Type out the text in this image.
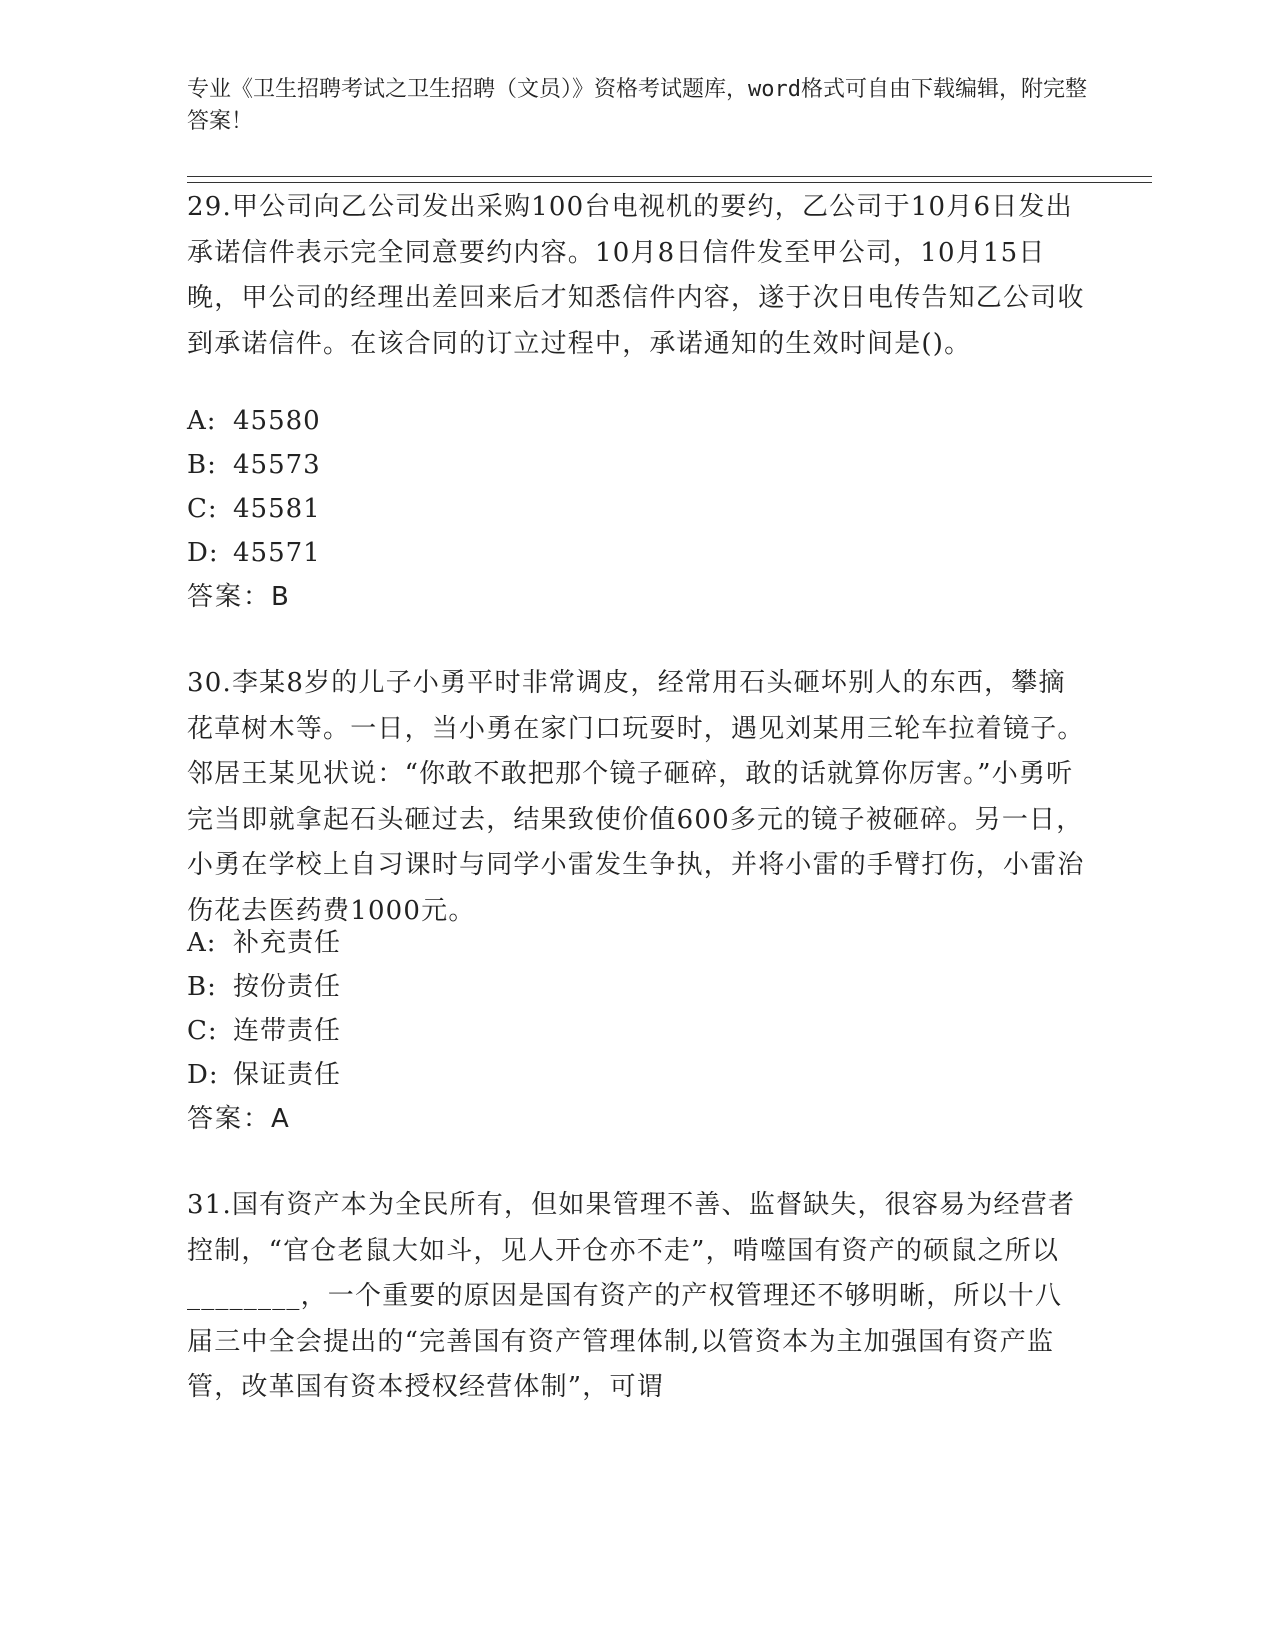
专业《卫生招聘考试之卫生招聘（文员）》资格考试题库，word格式可自由下载编辑，附完整答案！
29.甲公司向乙公司发出采购100台电视机的要约，乙公司于10月6日发出承诺信件表示完全同意要约内容。10月8日信件发至甲公司，10月15日晚，甲公司的经理出差回来后才知悉信件内容，遂于次日电传告知乙公司收到承诺信件。在该合同的订立过程中，承诺通知的生效时间是()。
A: 45580
B: 45573
C: 45581
D: 45571
答案：B
30.李某8岁的儿子小勇平时非常调皮，经常用石头砸坏别人的东西，攀摘花草树木等。一日，当小勇在家门口玩耍时，遇见刘某用三轮车拉着镜子。邻居王某见状说：“你敢不敢把那个镜子砸碎，敢的话就算你厉害。”小勇听完当即就拿起石头砸过去，结果致使价值600多元的镜子被砸碎。另一日，小勇在学校上自习课时与同学小雷发生争执，并将小雷的手臂打伤，小雷治伤花去医药费1000元。
A: 补充责任
B: 按份责任
C: 连带责任
D: 保证责任
答案：A
31.国有资产本为全民所有，但如果管理不善、监督缺失，很容易为经营者控制，“官仓老鼠大如斗，见人开仓亦不走”，啃噬国有资产的硕鼠之所以________，一个重要的原因是国有资产的产权管理还不够明晰，所以十八届三中全会提出的“完善国有资产管理体制,以管资本为主加强国有资产监管，改革国有资本授权经营体制”，可谓
